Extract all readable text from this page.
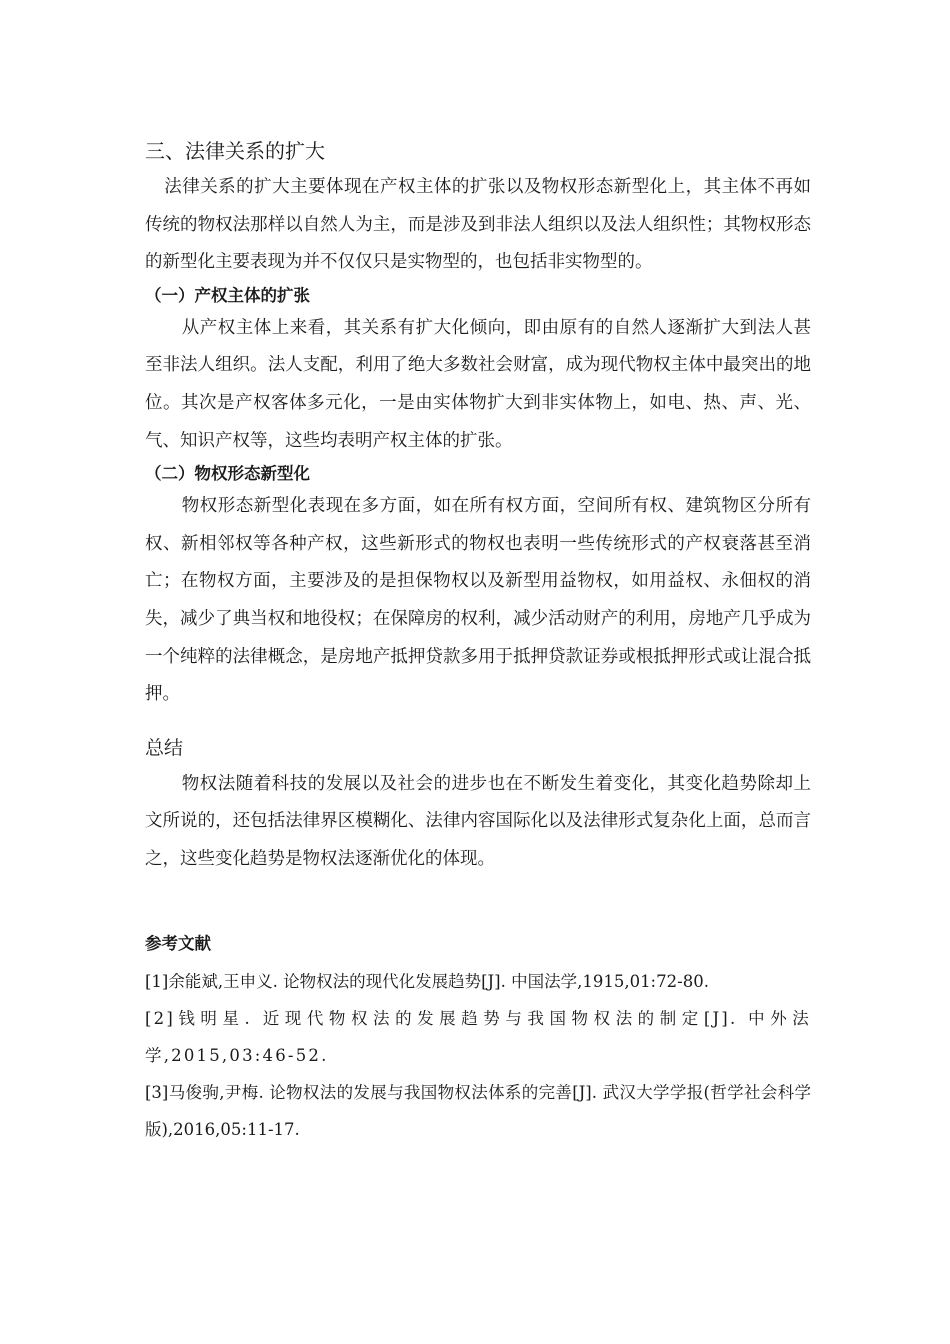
三、法律关系的扩大

法律关系的扩大主要体现在产权主体的扩张以及物权形态新型化上，其主体不再如传统的物权法那样以自然人为主，而是涉及到非法人组织以及法人组织性；其物权形态的新型化主要表现为并不仅仅只是实物型的，也包括非实物型的。

（一）产权主体的扩张

从产权主体上来看，其关系有扩大化倾向，即由原有的自然人逐渐扩大到法人甚至非法人组织。法人支配，利用了绝大多数社会财富，成为现代物权主体中最突出的地位。其次是产权客体多元化，一是由实体物扩大到非实体物上，如电、热、声、光、气、知识产权等，这些均表明产权主体的扩张。

（二）物权形态新型化

物权形态新型化表现在多方面，如在所有权方面，空间所有权、建筑物区分所有权、新相邻权等各种产权，这些新形式的物权也表明一些传统形式的产权衰落甚至消亡；在物权方面，主要涉及的是担保物权以及新型用益物权，如用益权、永佃权的消失，减少了典当权和地役权；在保障房的权利，减少活动财产的利用，房地产几乎成为一个纯粹的法律概念，是房地产抵押贷款多用于抵押贷款证券或根抵押形式或让混合抵押。

总结

物权法随着科技的发展以及社会的进步也在不断发生着变化，其变化趋势除却上文所说的，还包括法律界区模糊化、法律内容国际化以及法律形式复杂化上面，总而言之，这些变化趋势是物权法逐渐优化的体现。

参考文献

[1]余能斌,王申义. 论物权法的现代化发展趋势[J]. 中国法学,1915,01:72-80.

[2]钱明星. 近现代物权法的发展趋势与我国物权法的制定[J]. 中外法学,2015,03:46-52.

[3]马俊驹,尹梅. 论物权法的发展与我国物权法体系的完善[J]. 武汉大学学报(哲学社会科学版),2016,05:11-17.
